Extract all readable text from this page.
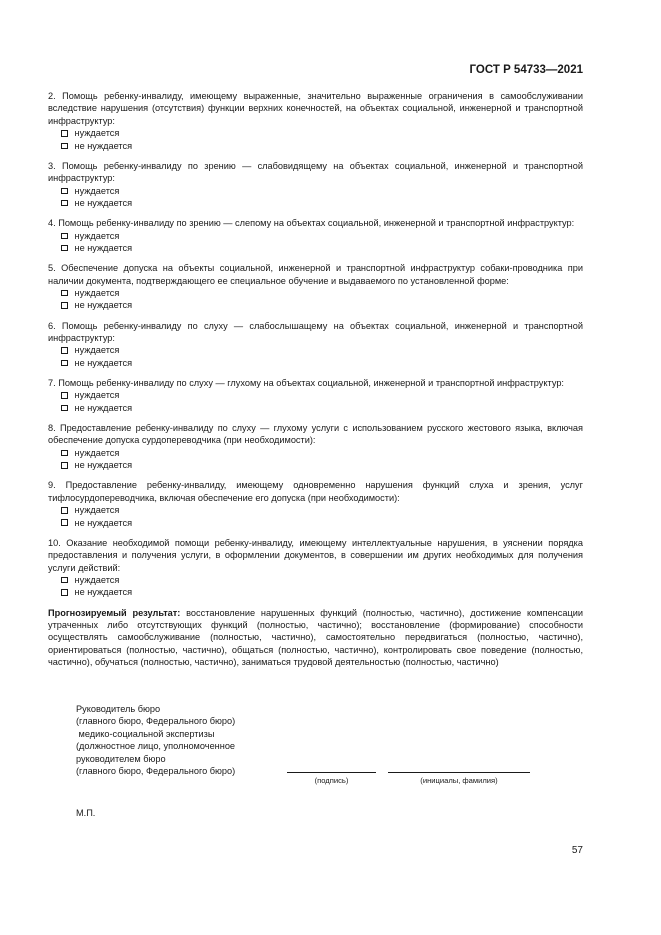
ГОСТ Р 54733—2021
2. Помощь ребенку-инвалиду, имеющему выраженные, значительно выраженные ограничения в самообслуживании вследствие нарушения (отсутствия) функции верхних конечностей, на объектах социальной, инженерной и транспортной инфраструктур:
нуждается
не нуждается
3. Помощь ребенку-инвалиду по зрению — слабовидящему на объектах социальной, инженерной и транспортной инфраструктур:
нуждается
не нуждается
4. Помощь ребенку-инвалиду по зрению — слепому на объектах социальной, инженерной и транспортной инфраструктур:
нуждается
не нуждается
5. Обеспечение допуска на объекты социальной, инженерной и транспортной инфраструктур собаки-проводника при наличии документа, подтверждающего ее специальное обучение и выдаваемого по установленной форме:
нуждается
не нуждается
6. Помощь ребенку-инвалиду по слуху — слабослышащему на объектах социальной, инженерной и транспортной инфраструктур:
нуждается
не нуждается
7. Помощь ребенку-инвалиду по слуху — глухому на объектах социальной, инженерной и транспортной инфраструктур:
нуждается
не нуждается
8. Предоставление ребенку-инвалиду по слуху — глухому услуги с использованием русского жестового языка, включая обеспечение допуска сурдопереводчика (при необходимости):
нуждается
не нуждается
9. Предоставление ребенку-инвалиду, имеющему одновременно нарушения функций слуха и зрения, услуг тифлосурдопереводчика, включая обеспечение его допуска (при необходимости):
нуждается
не нуждается
10. Оказание необходимой помощи ребенку-инвалиду, имеющему интеллектуальные нарушения, в уяснении порядка предоставления и получения услуги, в оформлении документов, в совершении им других необходимых для получения услуги действий:
нуждается
не нуждается
Прогнозируемый результат: восстановление нарушенных функций (полностью, частично), достижение компенсации утраченных либо отсутствующих функций (полностью, частично); восстановление (формирование) способности осуществлять самообслуживание (полностью, частично), самостоятельно передвигаться (полностью, частично), ориентироваться (полностью, частично), общаться (полностью, частично), контролировать свое поведение (полностью, частично), обучаться (полностью, частично), заниматься трудовой деятельностью (полностью, частично)
Руководитель бюро
(главного бюро, Федерального бюро)
медико-социальной экспертизы
(должностное лицо, уполномоченное
руководителем бюро
(главного бюро, Федерального бюро)
(подпись)	(инициалы, фамилия)
М.П.
57
